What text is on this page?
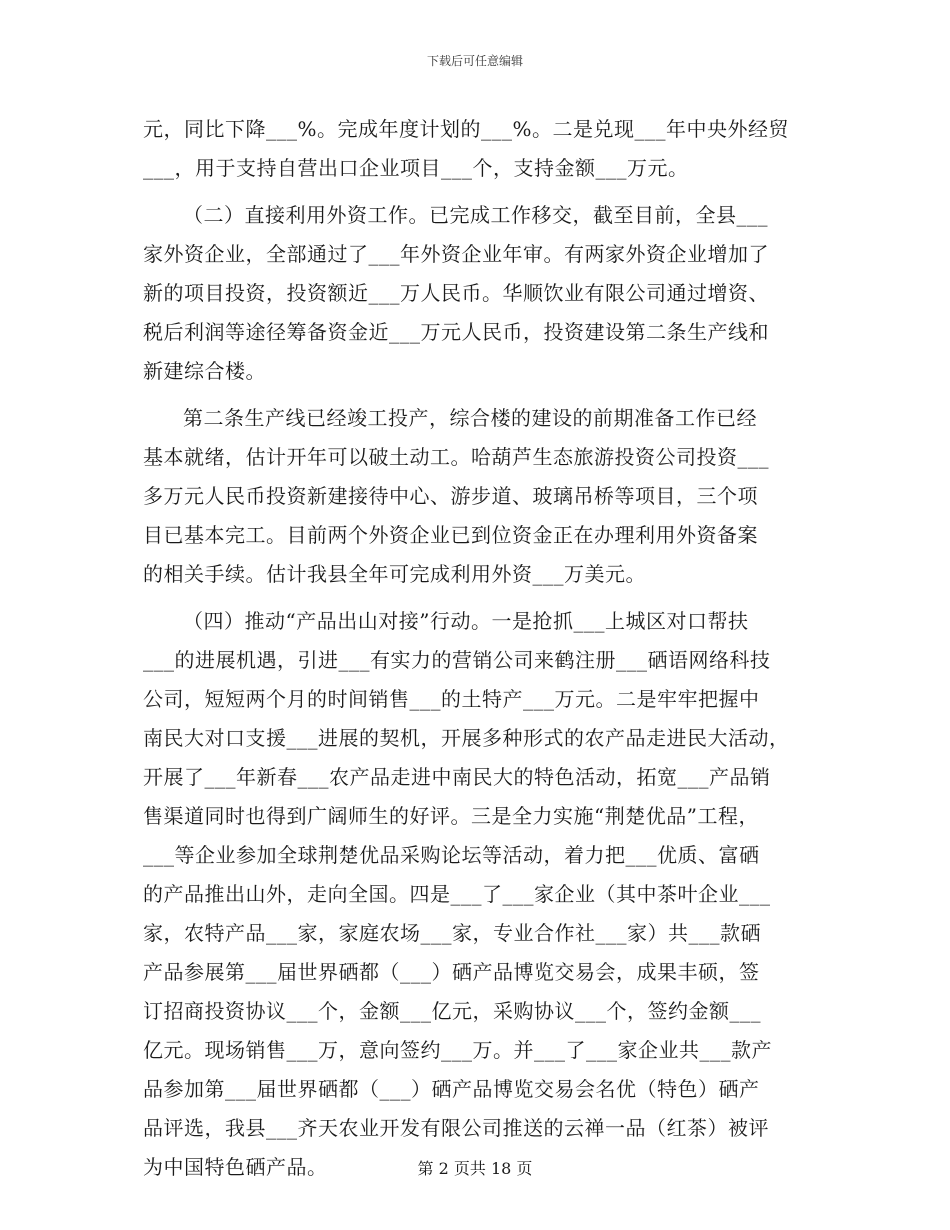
下载后可任意编辑
元，同比下降___%。完成年度计划的___%。二是兑现___年中央外经贸
___，用于支持自营出口企业项目___个，支持金额___万元。
（二）直接利用外资工作。已完成工作移交，截至目前，全县___
家外资企业，全部通过了___年外资企业年审。有两家外资企业增加了
新的项目投资，投资额近___万人民币。华顺饮业有限公司通过增资、
税后利润等途径筹备资金近___万元人民币，投资建设第二条生产线和
新建综合楼。
第二条生产线已经竣工投产，综合楼的建设的前期准备工作已经
基本就绪，估计开年可以破土动工。哈葫芦生态旅游投资公司投资___
多万元人民币投资新建接待中心、游步道、玻璃吊桥等项目，三个项
目已基本完工。目前两个外资企业已到位资金正在办理利用外资备案
的相关手续。估计我县全年可完成利用外资___万美元。
（四）推动“产品出山对接”行动。一是抢抓___上城区对口帮扶
___的进展机遇，引进___有实力的营销公司来鹤注册___硒语网络科技
公司，短短两个月的时间销售___的土特产___万元。二是牢牢把握中
南民大对口支援___进展的契机，开展多种形式的农产品走进民大活动，
开展了___年新春___农产品走进中南民大的特色活动，拓宽___产品销
售渠道同时也得到广阔师生的好评。三是全力实施“荆楚优品”工程，
___等企业参加全球荆楚优品采购论坛等活动，着力把___优质、富硒
的产品推出山外，走向全国。四是___了___家企业（其中茶叶企业___
家，农特产品___家，家庭农场___家，专业合作社___家）共___款硒
产品参展第___届世界硒都（___）硒产品博览交易会，成果丰硕，签
订招商投资协议___个，金额___亿元，采购协议___个，签约金额___
亿元。现场销售___万，意向签约___万。并___了___家企业共___款产
品参加第___届世界硒都（___）硒产品博览交易会名优（特色）硒产
品评选，我县___齐天农业开发有限公司推送的云禅一品（红茶）被评
为中国特色硒产品。	第 2 页共 18 页
